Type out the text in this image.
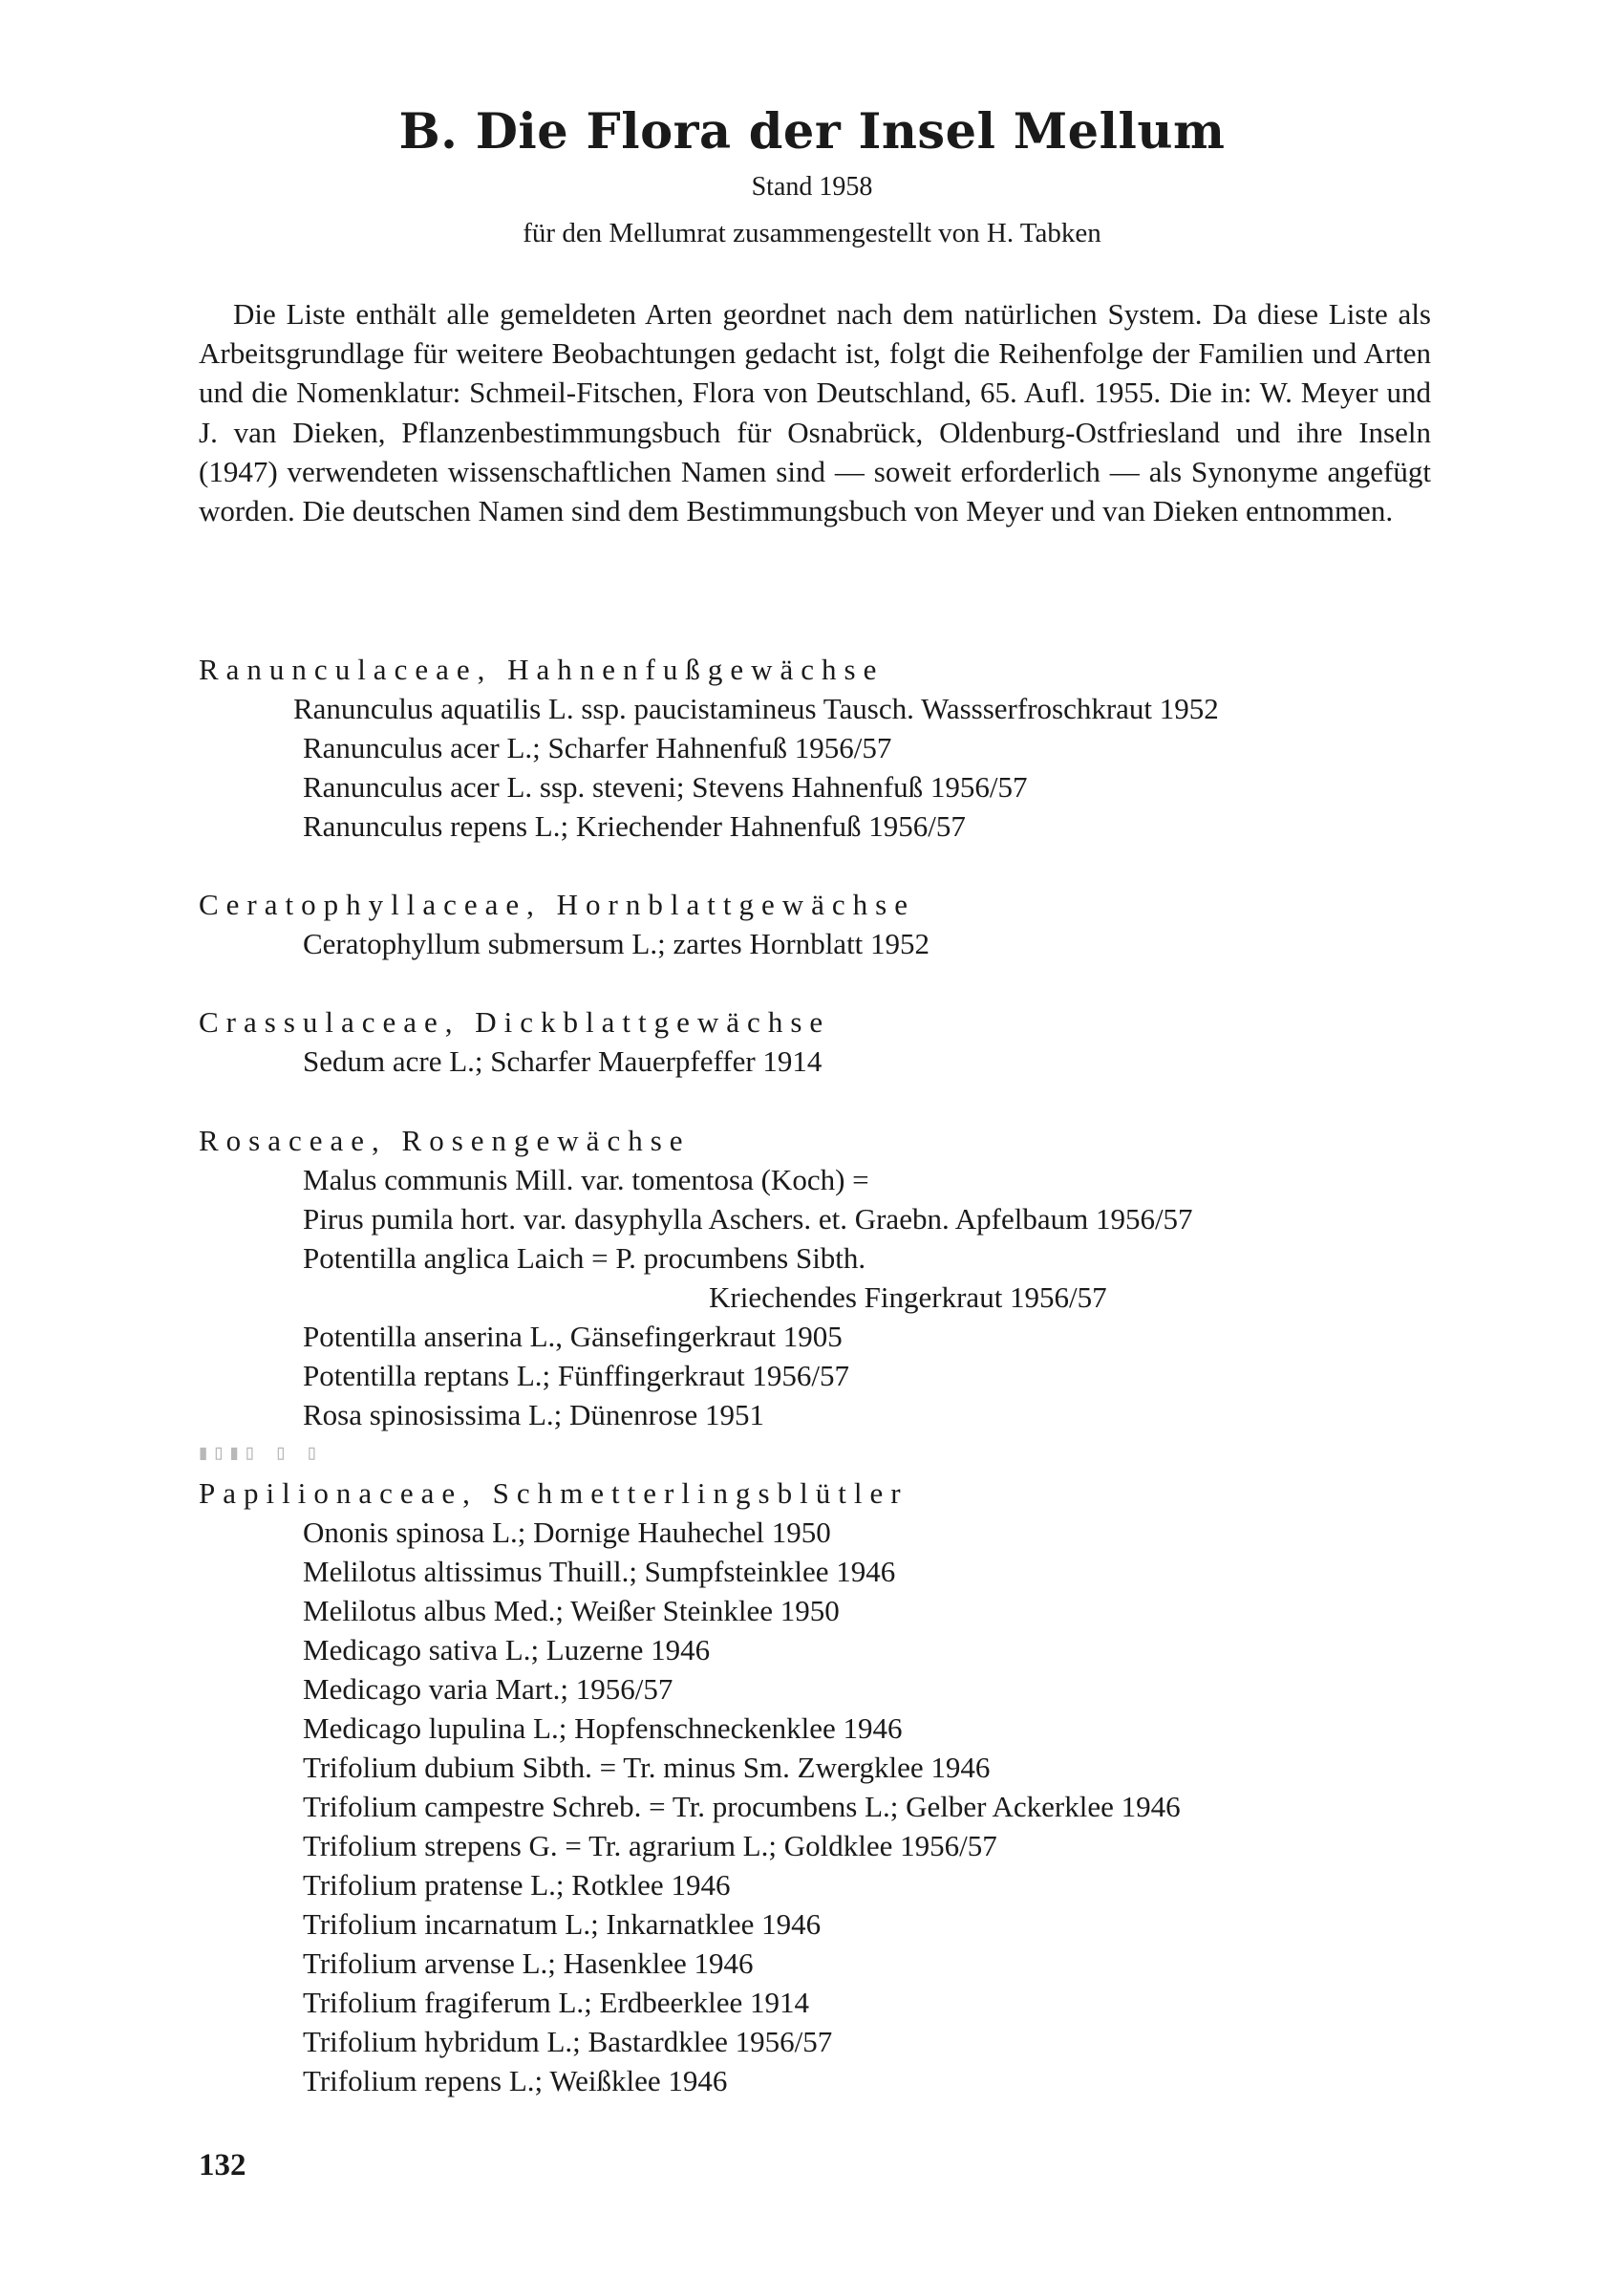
B. Die Flora der Insel Mellum
Stand 1958
für den Mellumrat zusammengestellt von H. Tabken
Die Liste enthält alle gemeldeten Arten geordnet nach dem natürlichen System. Da diese Liste als Arbeitsgrundlage für weitere Beobachtungen gedacht ist, folgt die Reihenfolge der Familien und Arten und die Nomenklatur: Schmeil-Fitschen, Flora von Deutschland, 65. Aufl. 1955. Die in: W. Meyer und J. van Dieken, Pflanzenbestimmungsbuch für Osnabrück, Oldenburg-Ostfriesland und ihre Inseln (1947) verwendeten wissenschaftlichen Namen sind — soweit erforderlich — als Synonyme angefügt worden. Die deutschen Namen sind dem Bestimmungsbuch von Meyer und van Dieken entnommen.
Ranunculaceae, Hahnenfußgewächse
Ranunculus aquatilis L. ssp. paucistamineus Tausch. Wassserfroschkraut 1952
Ranunculus acer L.; Scharfer Hahnenfuß 1956/57
Ranunculus acer L. ssp. steveni; Stevens Hahnenfuß 1956/57
Ranunculus repens L.; Kriechender Hahnenfuß 1956/57
Ceratophyllaceae, Hornblattgewächse
Ceratophyllum submersum L.; zartes Hornblatt 1952
Crassulaceae, Dickblattgewächse
Sedum acre L.; Scharfer Mauerpfeffer 1914
Rosaceae, Rosengewächse
Malus communis Mill. var. tomentosa (Koch) =
Pirus pumila hort. var. dasyphylla Aschers. et. Graebn. Apfelbaum 1956/57
Potentilla anglica Laich = P. procumbens Sibth.
Kriechendes Fingerkraut 1956/57
Potentilla anserina L., Gänsefingerkraut 1905
Potentilla reptans L.; Fünffingerkraut 1956/57
Rosa spinosissima L.; Dünenrose 1951
▮▯▮▯ ▯ ▯
Papilionaceae, Schmetterlingsblütler
Ononis spinosa L.; Dornige Hauhechel 1950
Melilotus altissimus Thuill.; Sumpfsteinklee 1946
Melilotus albus Med.; Weißer Steinklee 1950
Medicago sativa L.; Luzerne 1946
Medicago varia Mart.; 1956/57
Medicago lupulina L.; Hopfenschneckenklee 1946
Trifolium dubium Sibth. = Tr. minus Sm. Zwergklee 1946
Trifolium campestre Schreb. = Tr. procumbens L.; Gelber Ackerklee 1946
Trifolium strepens G. = Tr. agrarium L.; Goldklee 1956/57
Trifolium pratense L.; Rotklee 1946
Trifolium incarnatum L.; Inkarnatklee 1946
Trifolium arvense L.; Hasenklee 1946
Trifolium fragiferum L.; Erdbeerklee 1914
Trifolium hybridum L.; Bastardklee 1956/57
Trifolium repens L.; Weißklee 1946
132
